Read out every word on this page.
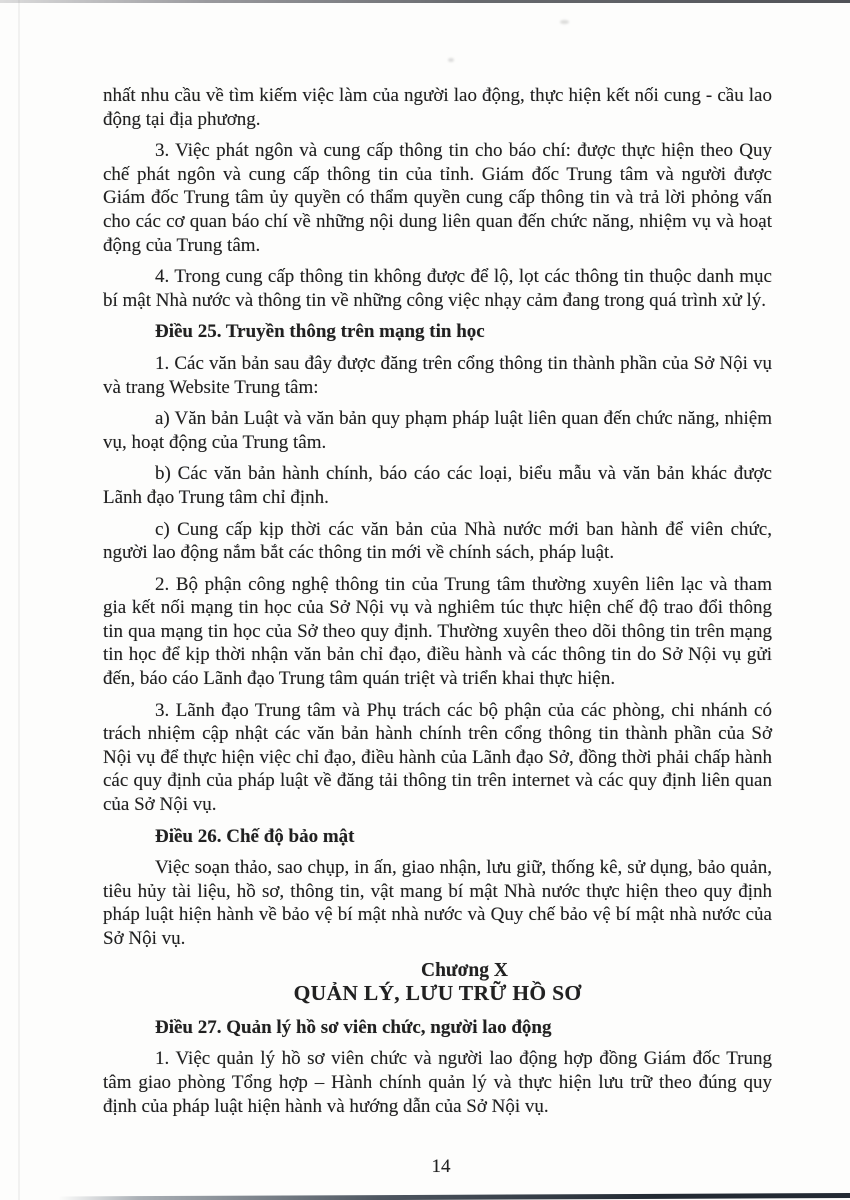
nhất nhu cầu về tìm kiếm việc làm của người lao động, thực hiện kết nối cung - cầu lao động tại địa phương.

3. Việc phát ngôn và cung cấp thông tin cho báo chí: được thực hiện theo Quy chế phát ngôn và cung cấp thông tin của tỉnh. Giám đốc Trung tâm và người được Giám đốc Trung tâm ủy quyền có thẩm quyền cung cấp thông tin và trả lời phỏng vấn cho các cơ quan báo chí về những nội dung liên quan đến chức năng, nhiệm vụ và hoạt động của Trung tâm.

4. Trong cung cấp thông tin không được để lộ, lọt các thông tin thuộc danh mục bí mật Nhà nước và thông tin về những công việc nhạy cảm đang trong quá trình xử lý.

Điều 25. Truyền thông trên mạng tin học

1. Các văn bản sau đây được đăng trên cổng thông tin thành phần của Sở Nội vụ và trang Website Trung tâm:

a) Văn bản Luật và văn bản quy phạm pháp luật liên quan đến chức năng, nhiệm vụ, hoạt động của Trung tâm.

b) Các văn bản hành chính, báo cáo các loại, biểu mẫu và văn bản khác được Lãnh đạo Trung tâm chỉ định.

c) Cung cấp kịp thời các văn bản của Nhà nước mới ban hành để viên chức, người lao động nắm bắt các thông tin mới về chính sách, pháp luật.

2. Bộ phận công nghệ thông tin của Trung tâm thường xuyên liên lạc và tham gia kết nối mạng tin học của Sở Nội vụ và nghiêm túc thực hiện chế độ trao đổi thông tin qua mạng tin học của Sở theo quy định. Thường xuyên theo dõi thông tin trên mạng tin học để kịp thời nhận văn bản chỉ đạo, điều hành và các thông tin do Sở Nội vụ gửi đến, báo cáo Lãnh đạo Trung tâm quán triệt và triển khai thực hiện.

3. Lãnh đạo Trung tâm và Phụ trách các bộ phận của các phòng, chi nhánh có trách nhiệm cập nhật các văn bản hành chính trên cổng thông tin thành phần của Sở Nội vụ để thực hiện việc chỉ đạo, điều hành của Lãnh đạo Sở, đồng thời phải chấp hành các quy định của pháp luật về đăng tải thông tin trên internet và các quy định liên quan của Sở Nội vụ.

Điều 26. Chế độ bảo mật

Việc soạn thảo, sao chụp, in ấn, giao nhận, lưu giữ, thống kê, sử dụng, bảo quản, tiêu hủy tài liệu, hồ sơ, thông tin, vật mang bí mật Nhà nước thực hiện theo quy định pháp luật hiện hành về bảo vệ bí mật nhà nước và Quy chế bảo vệ bí mật nhà nước của Sở Nội vụ.

Chương X

QUẢN LÝ, LƯU TRỮ HỒ SƠ

Điều 27. Quản lý hồ sơ viên chức, người lao động

1. Việc quản lý hồ sơ viên chức và người lao động hợp đồng Giám đốc Trung tâm giao phòng Tổng hợp – Hành chính quản lý và thực hiện lưu trữ theo đúng quy định của pháp luật hiện hành và hướng dẫn của Sở Nội vụ.

14
